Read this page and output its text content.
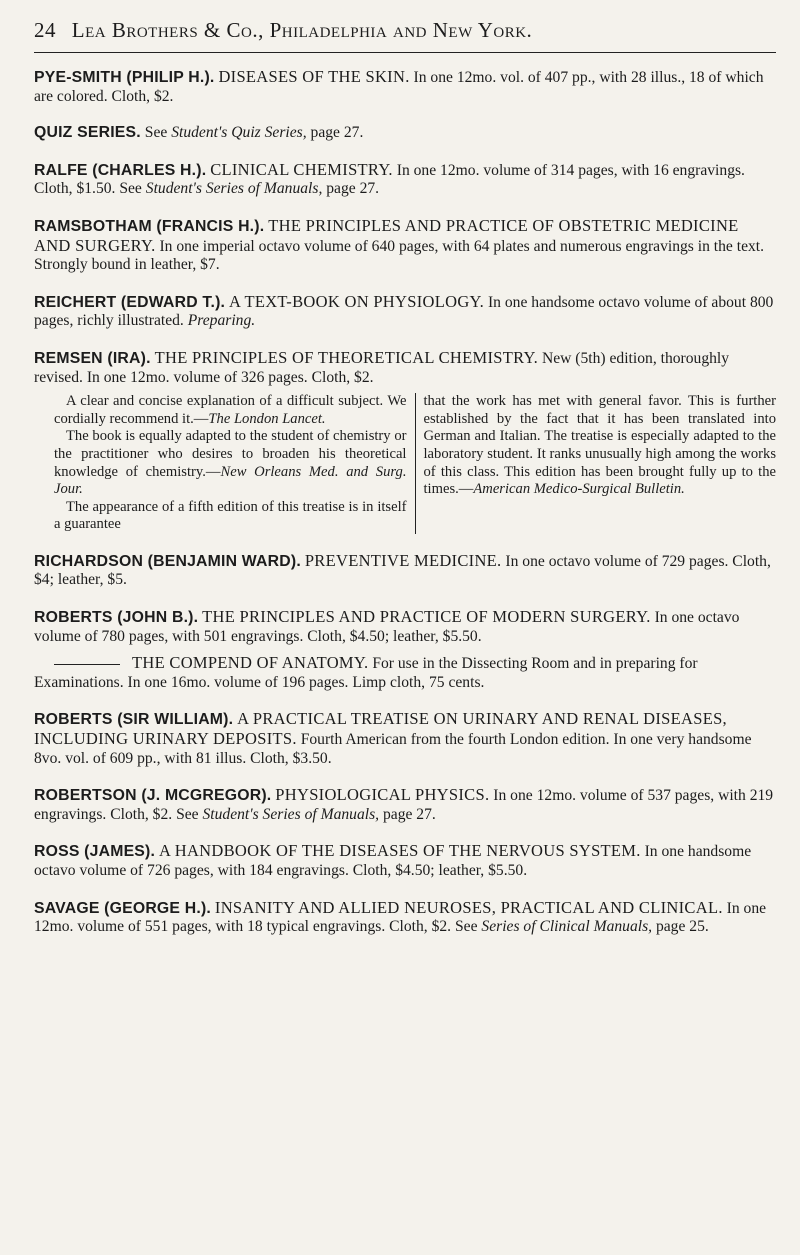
24 Lea Brothers & Co., Philadelphia and New York.

PYE-SMITH (PHILIP H.). DISEASES OF THE SKIN. In one 12mo. vol. of 407 pp., with 28 illus., 18 of which are colored. Cloth, $2.

QUIZ SERIES. See Student's Quiz Series, page 27.

RALFE (CHARLES H.). CLINICAL CHEMISTRY. In one 12mo. volume of 314 pages, with 16 engravings. Cloth, $1.50. See Student's Series of Manuals, page 27.

RAMSBOTHAM (FRANCIS H.). THE PRINCIPLES AND PRACTICE OF OBSTETRIC MEDICINE AND SURGERY. In one imperial octavo volume of 640 pages, with 64 plates and numerous engravings in the text. Strongly bound in leather, $7.

REICHERT (EDWARD T.). A TEXT-BOOK ON PHYSIOLOGY. In one handsome octavo volume of about 800 pages, richly illustrated. Preparing.

REMSEN (IRA). THE PRINCIPLES OF THEORETICAL CHEMISTRY. New (5th) edition, thoroughly revised. In one 12mo. volume of 326 pages. Cloth, $2.

A clear and concise explanation of a difficult subject. We cordially recommend it.—The London Lancet.

The book is equally adapted to the student of chemistry or the practitioner who desires to broaden his theoretical knowledge of chemistry.—New Orleans Med. and Surg. Jour.

The appearance of a fifth edition of this treatise is in itself a guarantee

that the work has met with general favor. This is further established by the fact that it has been translated into German and Italian. The treatise is especially adapted to the laboratory student. It ranks unusually high among the works of this class. This edition has been brought fully up to the times.—American Medico-Surgical Bulletin.

RICHARDSON (BENJAMIN WARD). PREVENTIVE MEDICINE. In one octavo volume of 729 pages. Cloth, $4; leather, $5.

ROBERTS (JOHN B.). THE PRINCIPLES AND PRACTICE OF MODERN SURGERY. In one octavo volume of 780 pages, with 501 engravings. Cloth, $4.50; leather, $5.50.

THE COMPEND OF ANATOMY. For use in the Dissecting Room and in preparing for Examinations. In one 16mo. volume of 196 pages. Limp cloth, 75 cents.

ROBERTS (SIR WILLIAM). A PRACTICAL TREATISE ON URINARY AND RENAL DISEASES, INCLUDING URINARY DEPOSITS. Fourth American from the fourth London edition. In one very handsome 8vo. vol. of 609 pp., with 81 illus. Cloth, $3.50.

ROBERTSON (J. MCGREGOR). PHYSIOLOGICAL PHYSICS. In one 12mo. volume of 537 pages, with 219 engravings. Cloth, $2. See Student's Series of Manuals, page 27.

ROSS (JAMES). A HANDBOOK OF THE DISEASES OF THE NERVOUS SYSTEM. In one handsome octavo volume of 726 pages, with 184 engravings. Cloth, $4.50; leather, $5.50.

SAVAGE (GEORGE H.). INSANITY AND ALLIED NEUROSES, PRACTICAL AND CLINICAL. In one 12mo. volume of 551 pages, with 18 typical engravings. Cloth, $2. See Series of Clinical Manuals, page 25.
